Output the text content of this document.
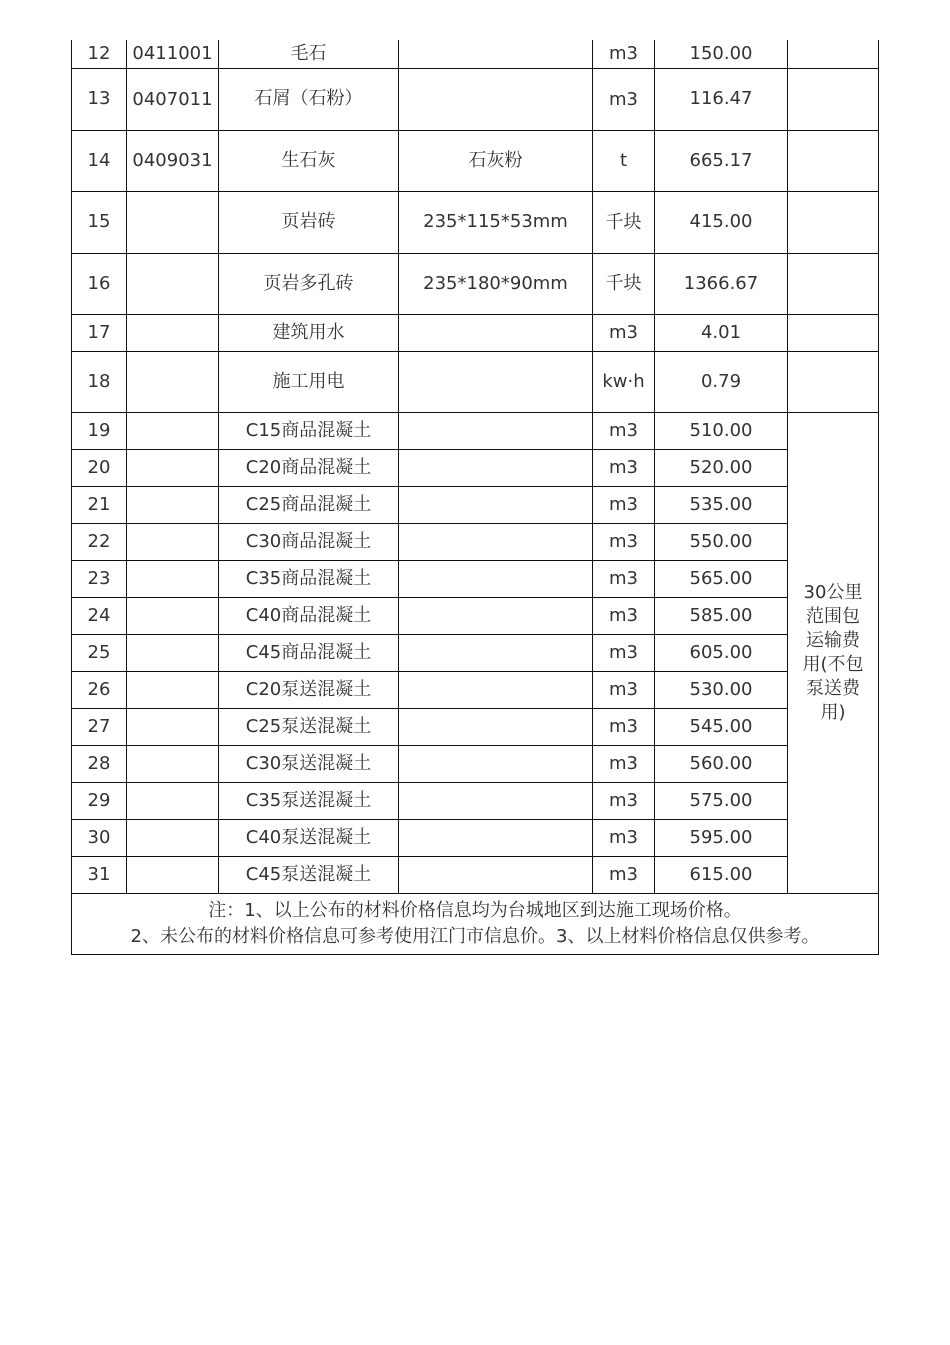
12	0411001	毛石		m3	150.00	
13	0407011	石屑（石粉）		m3	116.47	
14	0409031	生石灰	石灰粉	t	665.17	
15		页岩砖	235*115*53mm	千块	415.00	
16		页岩多孔砖	235*180*90mm	千块	1366.67	
17		建筑用水		m3	4.01	
18		施工用电		kw·h	0.79	
19		C15商品混凝土		m3	510.00	30公里范围包运输费用(不包泵送费用)
20		C20商品混凝土		m3	520.00	
21		C25商品混凝土		m3	535.00	
22		C30商品混凝土		m3	550.00	
23		C35商品混凝土		m3	565.00	
24		C40商品混凝土		m3	585.00	
25		C45商品混凝土		m3	605.00	
26		C20泵送混凝土		m3	530.00	
27		C25泵送混凝土		m3	545.00	
28		C30泵送混凝土		m3	560.00	
29		C35泵送混凝土		m3	575.00	
30		C40泵送混凝土		m3	595.00	
31		C45泵送混凝土		m3	615.00	

注：1、以上公布的材料价格信息均为台城地区到达施工现场价格。
2、未公布的材料价格信息可参考使用江门市信息价。3、以上材料价格信息仅供参考。						
